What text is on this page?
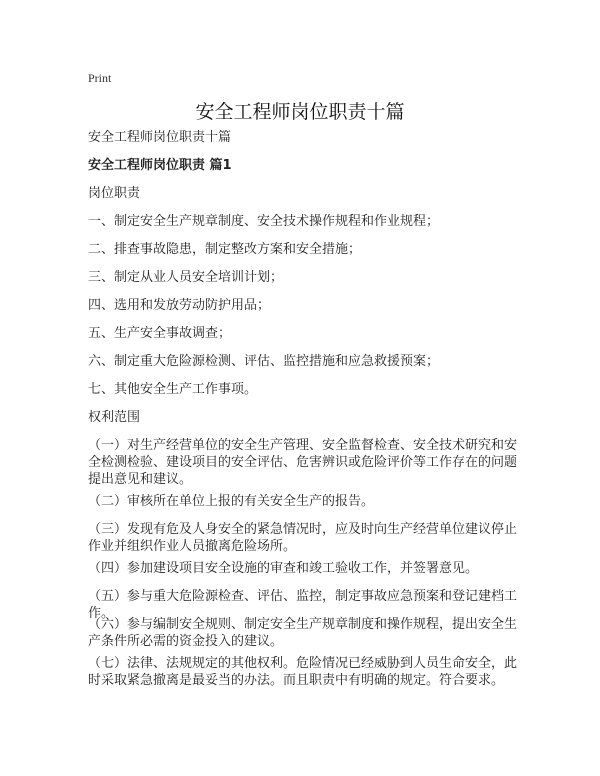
Print
安全工程师岗位职责十篇
安全工程师岗位职责十篇
安全工程师岗位职责 篇1
岗位职责
一、制定安全生产规章制度、安全技术操作规程和作业规程；
二、排查事故隐患，制定整改方案和安全措施；
三、制定从业人员安全培训计划；
四、选用和发放劳动防护用品；
五、生产安全事故调查；
六、制定重大危险源检测、评估、监控措施和应急救援预案；
七、其他安全生产工作事项。
权利范围
（一）对生产经营单位的安全生产管理、安全监督检查、安全技术研究和安全检测检验、建设项目的安全评估、危害辨识或危险评价等工作存在的问题提出意见和建议。
（二）审核所在单位上报的有关安全生产的报告。
（三）发现有危及人身安全的紧急情况时，应及时向生产经营单位建议停止作业并组织作业人员撤离危险场所。
（四）参加建设项目安全设施的审查和竣工验收工作，并签署意见。
（五）参与重大危险源检查、评估、监控，制定事故应急预案和登记建档工作。
（六）参与编制安全规则、制定安全生产规章制度和操作规程，提出安全生产条件所必需的资金投入的建议。
（七）法律、法规规定的其他权利。危险情况已经威胁到人员生命安全，此时采取紧急撤离是最妥当的办法。而且职责中有明确的规定。符合要求。
